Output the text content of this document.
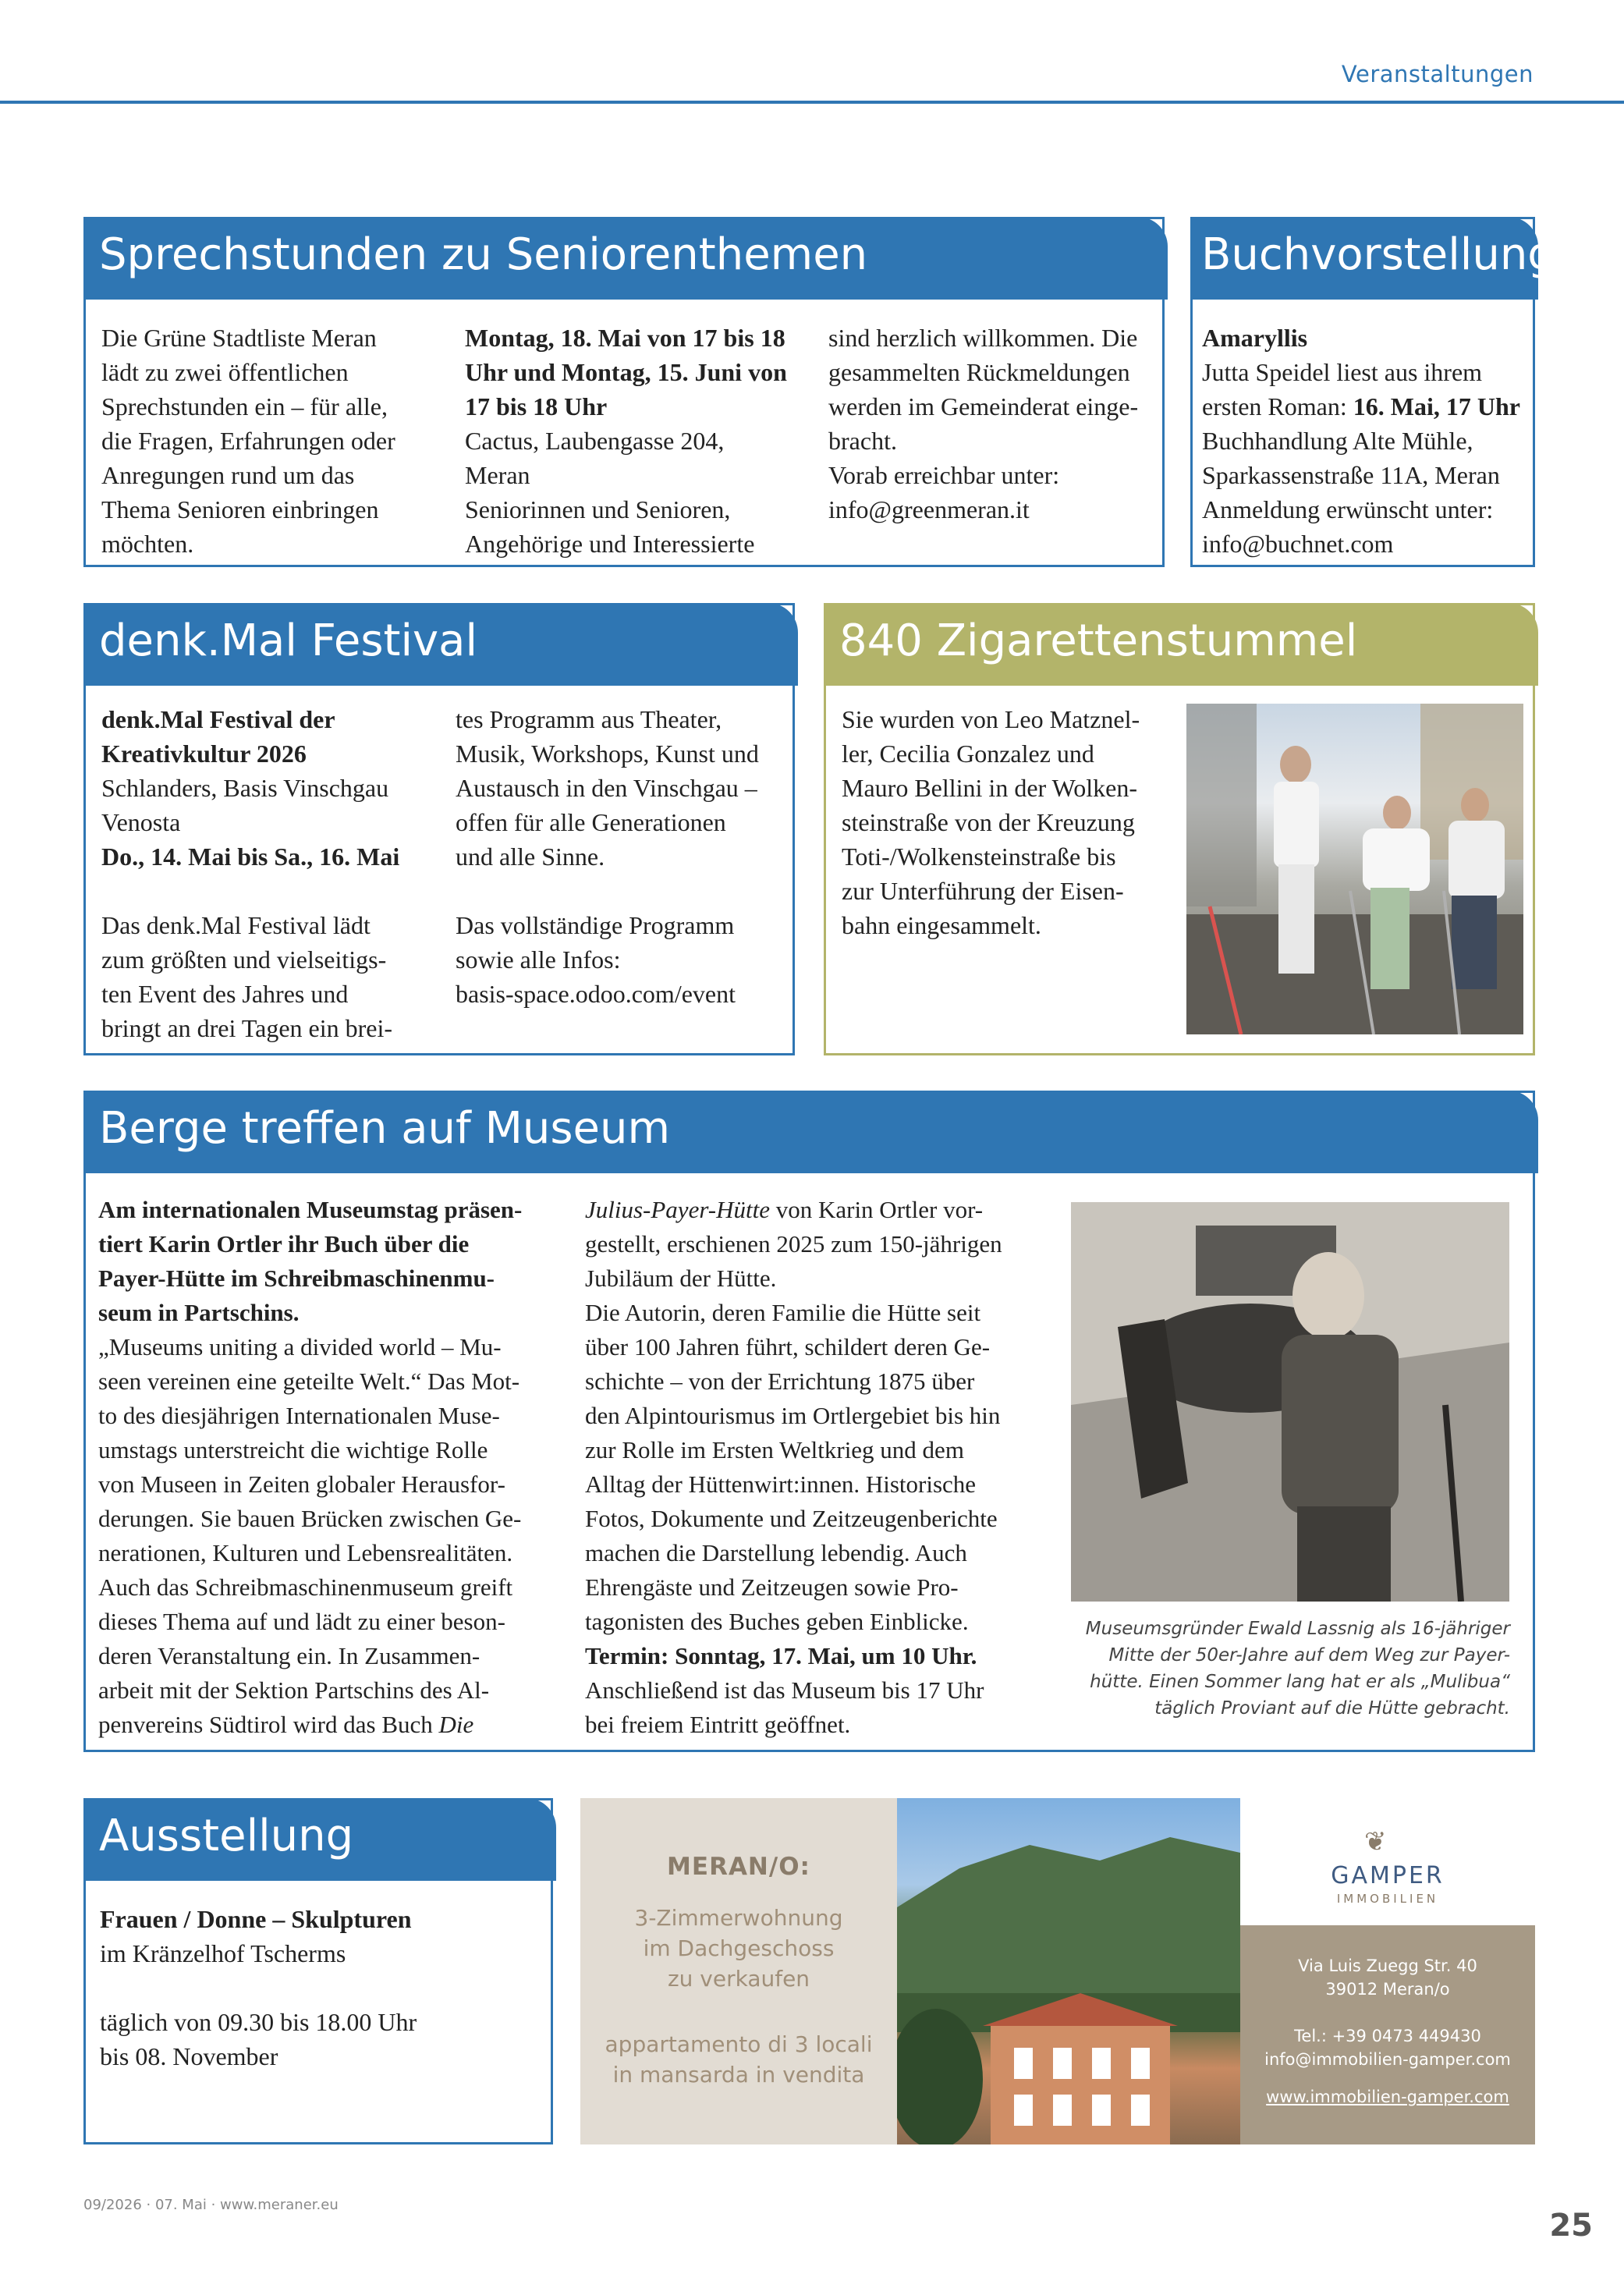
Veranstaltungen
Sprechstunden zu Seniorenthemen

Die Grüne Stadtliste Meran

lädt zu zwei öffentlichen

Sprechstunden ein – für alle,

die Fragen, Erfahrungen oder

Anregungen rund um das

Thema Senioren einbringen

möchten.

Montag, 18. Mai von 17 bis 18

Uhr und Montag, 15. Juni von

17 bis 18 Uhr

Cactus, Laubengasse 204,

Meran

Seniorinnen und Senioren,

Angehörige und Interessierte

sind herzlich willkommen. Die

gesammelten Rückmeldungen

werden im Gemeinderat einge-

bracht.

Vorab erreichbar unter:

info@greenmeran.it

Buchvorstellung

Amaryllis

Jutta Speidel liest aus ihrem

ersten Roman: 16. Mai, 17 Uhr

Buchhandlung Alte Mühle,

Sparkassenstraße 11A, Meran

Anmeldung erwünscht unter:

info@buchnet.com

denk.Mal Festival

denk.Mal Festival der

Kreativkultur 2026

Schlanders, Basis Vinschgau

Venosta

Do., 14. Mai bis Sa., 16. Mai

Das denk.Mal Festival lädt

zum größten und vielseitigs-

ten Event des Jahres und

bringt an drei Tagen ein brei-

tes Programm aus Theater,

Musik, Workshops, Kunst und

Austausch in den Vinschgau –

offen für alle Generationen

und alle Sinne.

Das vollständige Programm

sowie alle Infos:

basis-space.odoo.com/event

840 Zigarettenstummel

Sie wurden von Leo Matznel-

ler, Cecilia Gonzalez und

Mauro Bellini in der Wolken-

steinstraße von der Kreuzung

Toti-/Wolkensteinstraße bis

zur Unterführung der Eisen-

bahn eingesammelt.

Berge treffen auf Museum

Am internationalen Museumstag präsen-

tiert Karin Ortler ihr Buch über die

Payer-Hütte im Schreibmaschinenmu-

seum in Partschins.

„Museums uniting a divided world – Mu-

seen vereinen eine geteilte Welt.“ Das Mot-

to des diesjährigen Internationalen Muse-

umstags unterstreicht die wichtige Rolle

von Museen in Zeiten globaler Herausfor-

derungen. Sie bauen Brücken zwischen Ge-

nerationen, Kulturen und Lebensrealitäten.

Auch das Schreibmaschinenmuseum greift

dieses Thema auf und lädt zu einer beson-

deren Veranstaltung ein. In Zusammen-

arbeit mit der Sektion Partschins des Al-

penvereins Südtirol wird das Buch Die

Julius-Payer-Hütte von Karin Ortler vor-

gestellt, erschienen 2025 zum 150-jährigen

Jubiläum der Hütte.

Die Autorin, deren Familie die Hütte seit

über 100 Jahren führt, schildert deren Ge-

schichte – von der Errichtung 1875 über

den Alpintourismus im Ortlergebiet bis hin

zur Rolle im Ersten Weltkrieg und dem

Alltag der Hüttenwirt:innen. Historische

Fotos, Dokumente und Zeitzeugenberichte

machen die Darstellung lebendig. Auch

Ehrengäste und Zeitzeugen sowie Pro-

tagonisten des Buches geben Einblicke.

Termin: Sonntag, 17. Mai, um 10 Uhr.

Anschließend ist das Museum bis 17 Uhr

bei freiem Eintritt geöffnet.

Museumsgründer Ewald Lassnig als 16-jähriger
Mitte der 50er-Jahre auf dem Weg zur Payer-
hütte. Einen Sommer lang hat er als „Mulibua“
täglich Proviant auf die Hütte gebracht.
Ausstellung

Frauen / Donne – Skulpturen

im Kränzelhof Tscherms

täglich von 09.30 bis 18.00 Uhr

bis 08. November

MERAN/O:
3-Zimmerwohnung
im Dachgeschoss
zu verkaufen
appartamento di 3 locali
in mansarda in vendita
❦
GAMPER
IMMOBILIEN
Via Luis Zuegg Str. 40
39012 Meran/o
Tel.: +39 0473 449430
info@immobilien-gamper.com
www.immobilien-gamper.com
09/2026 · 07. Mai · www.meraner.eu
25
